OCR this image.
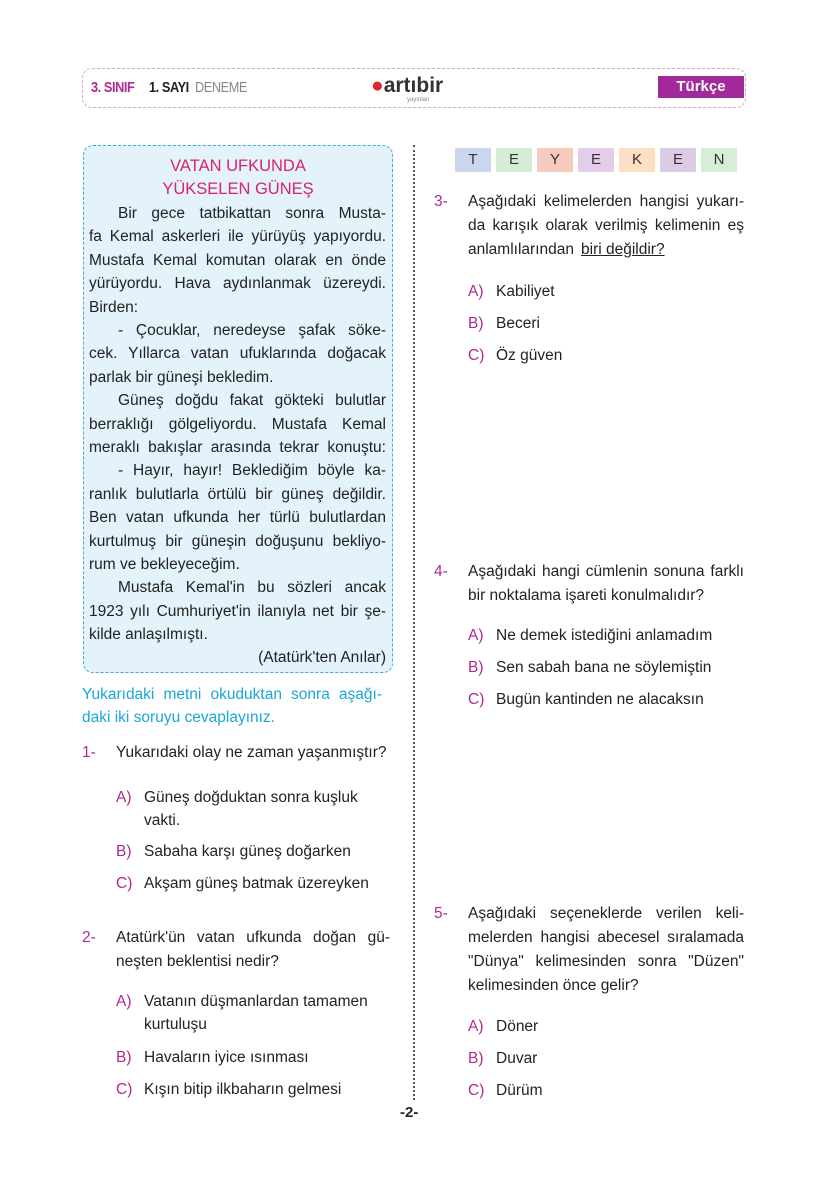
3. SINIF 1. SAYI DENEME	●artıbir
yayınları
Türkçe
T	E	Y	E	K	E	N
VATAN UFKUNDA
YÜKSELEN GÜNEŞ
Bir gece tatbikattan sonra Musta-
fa Kemal askerleri ile yürüyüş yapıyordu.
Mustafa Kemal komutan olarak en önde
yürüyordu. Hava aydınlanmak üzereydi.
Birden:
- Çocuklar, neredeyse şafak söke-
cek. Yıllarca vatan ufuklarında doğacak
parlak bir güneşi bekledim.
Güneş doğdu fakat gökteki bulutlar
berraklığı gölgeliyordu. Mustafa Kemal
meraklı bakışlar arasında tekrar konuştu:
- Hayır, hayır! Beklediğim böyle ka-
ranlık bulutlarla örtülü bir güneş değildir.
Ben vatan ufkunda her türlü bulutlardan
kurtulmuş bir güneşin doğuşunu bekliyo-
rum ve bekleyeceğim.
Mustafa Kemal'in bu sözleri ancak
1923 yılı Cumhuriyet'in ilanıyla net bir şe-
kilde anlaşılmıştı.
(Atatürk'ten Anılar)
Yukarıdaki metni okuduktan sonra aşağı-
daki iki soruyu cevaplayınız.
1- Yukarıdaki olay ne zaman yaşanmıştır?
A) Güneş doğduktan sonra kuşluk
vakti.
B) Sabaha karşı güneş doğarken
C) Akşam güneş batmak üzereyken
2- Atatürk'ün vatan ufkunda doğan gü-
neşten beklentisi nedir?
A) Vatanın düşmanlardan tamamen
kurtuluşu
B) Havaların iyice ısınması
C) Kışın bitip ilkbaharın gelmesi
3- Aşağıdaki kelimelerden hangisi yukarı-
da karışık olarak verilmiş kelimenin eş
anlamlılarından biri değildir?
A) Kabiliyet
B) Beceri
C) Öz güven
4- Aşağıdaki hangi cümlenin sonuna farklı
bir noktalama işareti konulmalıdır?
A) Ne demek istediğini anlamadım
B) Sen sabah bana ne söylemiştin
C) Bugün kantinden ne alacaksın
5- Aşağıdaki seçeneklerde verilen keli-
melerden hangisi abecesel sıralamada
"Dünya" kelimesinden sonra "Düzen"
kelimesinden önce gelir?
A) Döner
B) Duvar
C) Dürüm
-2-
